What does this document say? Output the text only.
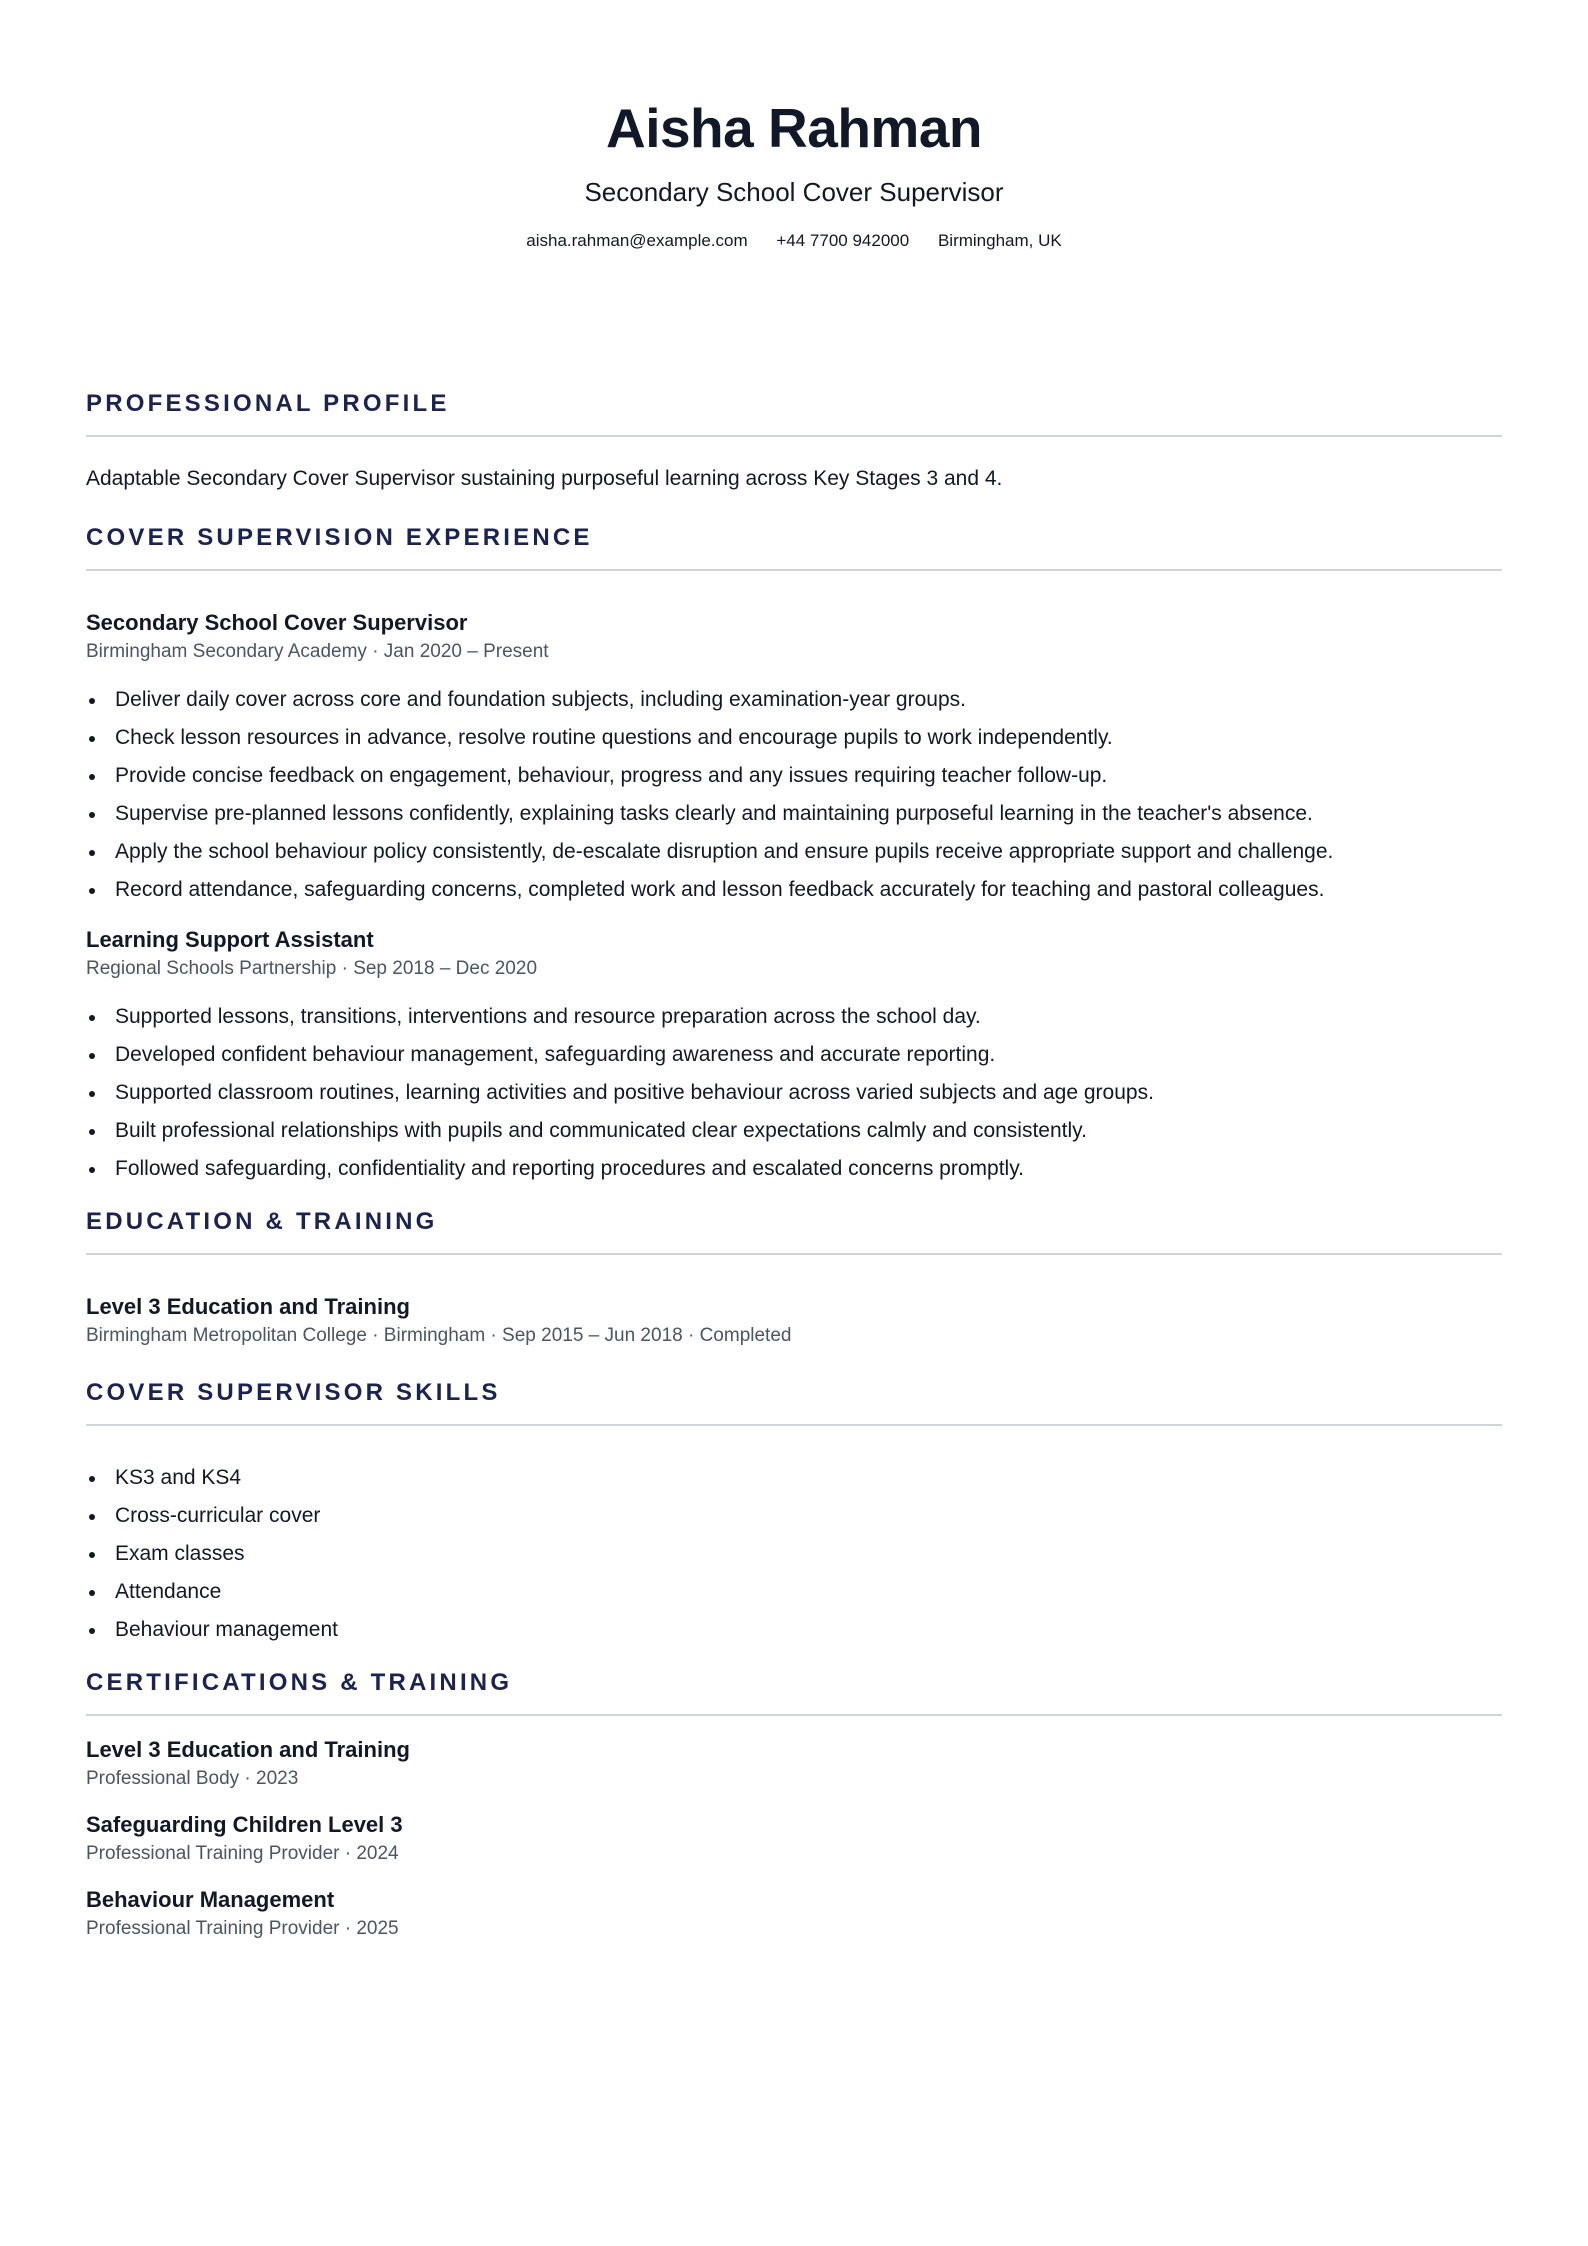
Aisha Rahman
Secondary School Cover Supervisor
aisha.rahman@example.com +44 7700 942000 Birmingham, UK
PROFESSIONAL PROFILE
Adaptable Secondary Cover Supervisor sustaining purposeful learning across Key Stages 3 and 4.
COVER SUPERVISION EXPERIENCE
Secondary School Cover Supervisor
Birmingham Secondary Academy · Jan 2020 – Present
Deliver daily cover across core and foundation subjects, including examination-year groups.
Check lesson resources in advance, resolve routine questions and encourage pupils to work independently.
Provide concise feedback on engagement, behaviour, progress and any issues requiring teacher follow-up.
Supervise pre-planned lessons confidently, explaining tasks clearly and maintaining purposeful learning in the teacher's absence.
Apply the school behaviour policy consistently, de-escalate disruption and ensure pupils receive appropriate support and challenge.
Record attendance, safeguarding concerns, completed work and lesson feedback accurately for teaching and pastoral colleagues.
Learning Support Assistant
Regional Schools Partnership · Sep 2018 – Dec 2020
Supported lessons, transitions, interventions and resource preparation across the school day.
Developed confident behaviour management, safeguarding awareness and accurate reporting.
Supported classroom routines, learning activities and positive behaviour across varied subjects and age groups.
Built professional relationships with pupils and communicated clear expectations calmly and consistently.
Followed safeguarding, confidentiality and reporting procedures and escalated concerns promptly.
EDUCATION & TRAINING
Level 3 Education and Training
Birmingham Metropolitan College · Birmingham · Sep 2015 – Jun 2018 · Completed
COVER SUPERVISOR SKILLS
KS3 and KS4
Cross-curricular cover
Exam classes
Attendance
Behaviour management
CERTIFICATIONS & TRAINING
Level 3 Education and Training
Professional Body · 2023
Safeguarding Children Level 3
Professional Training Provider · 2024
Behaviour Management
Professional Training Provider · 2025
